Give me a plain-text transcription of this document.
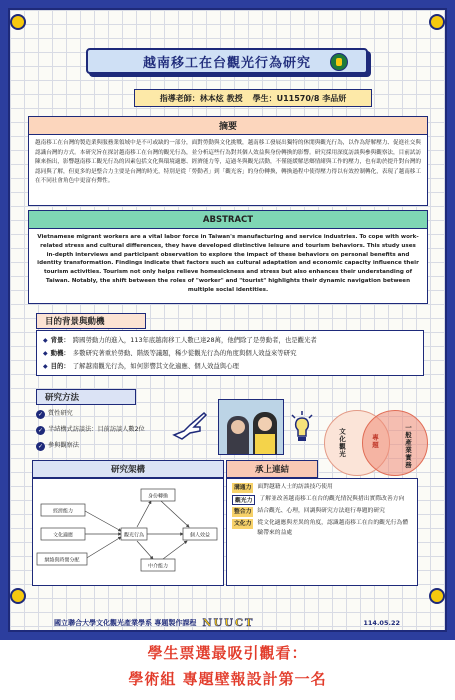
越南移工在台觀光行為研究
指導老師：林本炫 教授 學生：U11570/8 李品妍
摘要
越南移工在台灣的製造業與服務業領域中是不可或缺的一部分，面對勞動與文化挑戰，越南移工發展出獨特的休閒與觀光行為，以作為舒解壓力、促進社交與認識台灣的方式。本研究旨在探討越南移工在台灣的觀光行為，並分析這些行為對其個人效益與身份轉換的影響。研究採用深度訪談與參與觀察法，目前試訪陳來指出，影響越南移工觀光行為的因素包括文化與環境適應、經濟能力等，這過冬與觀光活動，不僅能緩解思鄉情緒與工作的壓力，也有助於提升對台灣的認同與了解，但更多的是整合力主要是台灣的時光，特別是從「勞動者」到「觀光客」的身份轉換，轉換過程中使得壓力得以有效控制轉化，表現了越南移工在不同社會角色中更富有彈性。
ABSTRACT
Vietnamese migrant workers are a vital labor force in Taiwan's manufacturing and service industries. To cope with work-related stress and cultural differences, they have developed distinctive leisure and tourism behaviors. This study uses in-depth interviews and participant observation to explore the impact of these behaviors on personal benefits and identity transformation. Findings indicate that factors such as cultural adaptation and economic capacity influence their tourism activities. Tourism not only helps relieve homesickness and stress but also enhances their understanding of Taiwan. Notably, the shift between the roles of "worker" and "tourist" highlights their dynamic navigation between multiple social identities.
目的背景與動機
◆ 背景： 跨國勞動力的進入，113年底越南移工人數已達28萬，他們除了是勞動者，也是觀光者
◆ 動機： 多數研究著重於勞動、階級等議題，稀少從觀光行為的角度與個人效益來等研究
◆ 目的： 了解越南觀光行為，如何影響其文化適應、個人效益與心理
研究方法
✓ 質性研究
✓ 半結構式訪談法：目前訪談人數2位
✓ 參與觀察法	文化觀光	專題	一般產業實務
研究架構
經濟能力
文化適應
網絡與時間分配
觀光行為
身份轉換
個人效益
中介能力
承上連結
溝通力	面對越籍人士的訪談技巧使用
觀光力	了解並改善越南移工在台的觀光情況與措出實際改善方向
整合力	結合觀光、心理，回調與研究方法進行專題的研究
文化力	從文化適應與差異的角度，認識越南移工在台的觀光行為體驗帶來的益處
國立聯合大學文化觀光產業學系 專題製作課程 NUUCT	114.05.22
學生票選最吸引觀看：
學術組 專題壁報設計第一名
